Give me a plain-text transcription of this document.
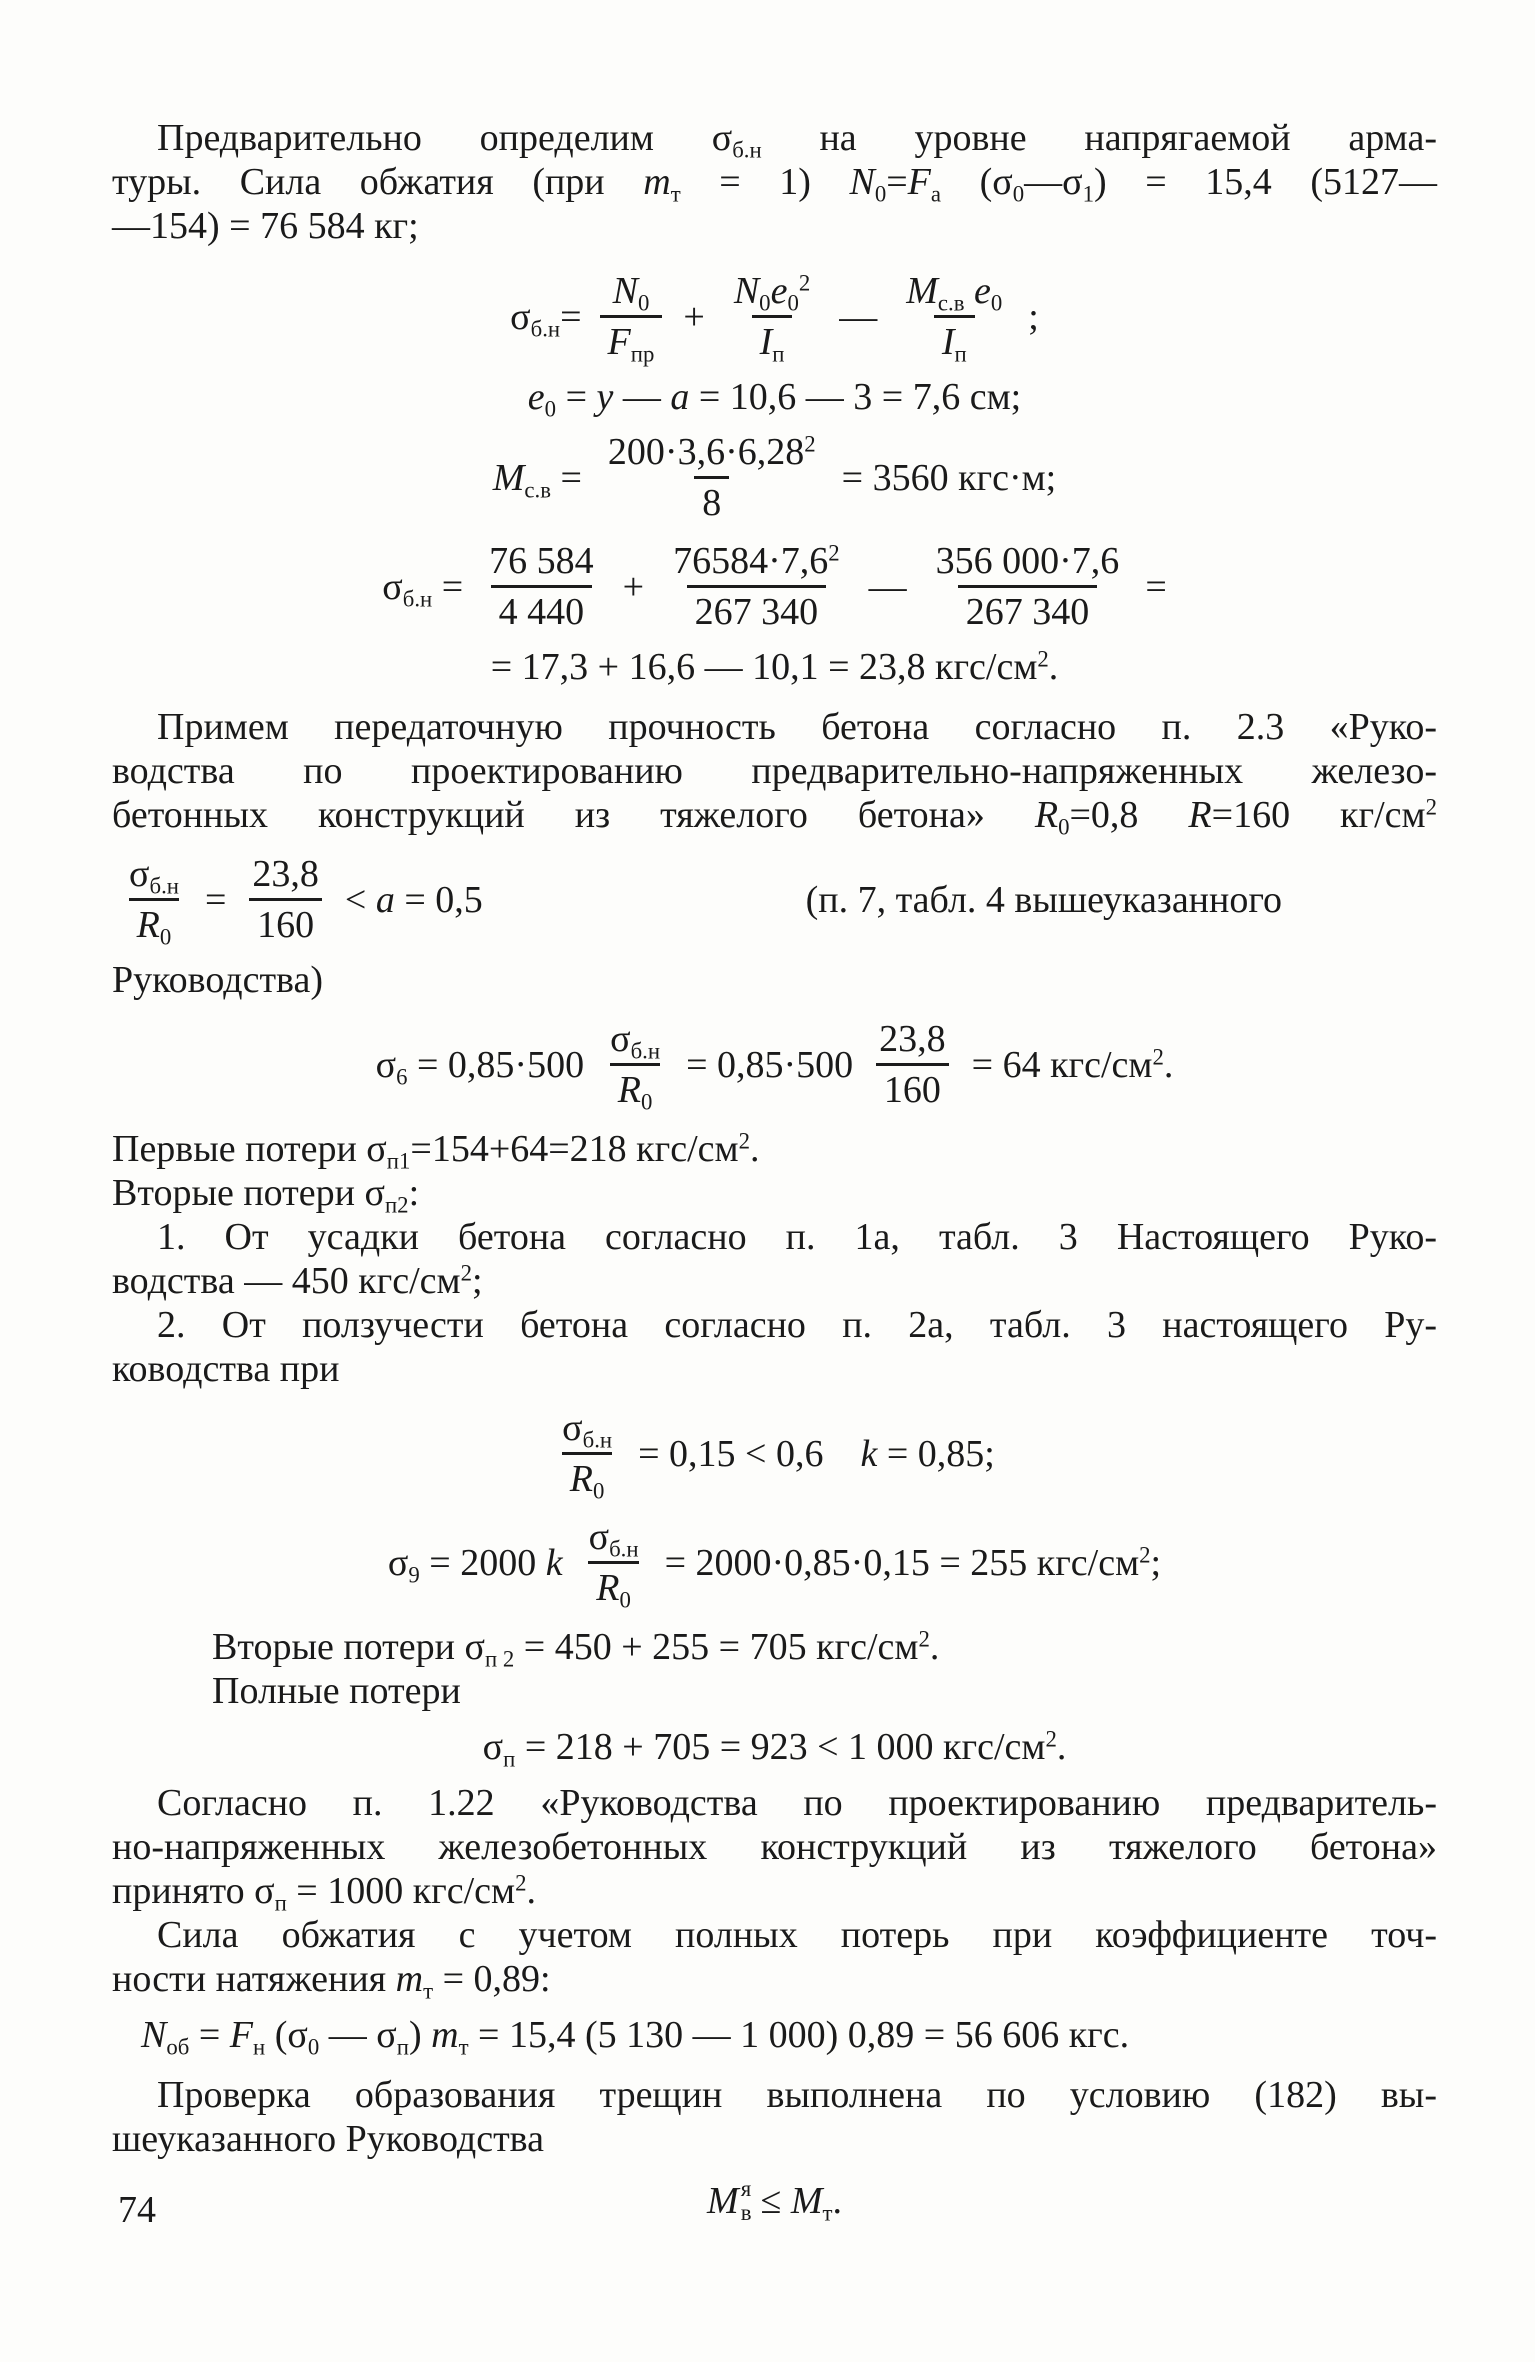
Предварительно определим $\sigma_{б.н}$ на уровне напрягаемой арма-
туры. Сила обжатия (при $m_т = 1$) $N_0=F_а$ $(\sigma_0—\sigma_1) = 15,4$ (5127—
—154) = 76 584 кг;
$\sigma_{б.н}= \frac{N_0}{F_{пр}} + \frac{N_0e_0^2}{I_п}$ — $\frac{M_{с.в} e_0}{I_п}$ ;
$e_0 = y$ — a = 10,6 — 3 = 7,6 см;
$M_{с.в} = \frac{200\cdot 3,6\cdot 6,28^2}{8} = 3560$ кгс·м;
$\sigma_{б.н} = \frac{76 584}{4 440} + \frac{76584\cdot 7,6^2}{267 340}$ — $\frac{356 000\cdot 7,6}{267 340}$ =
= 17,3 + 16,6 — 10,1 = 23,8 кгс/$см^2$.
Примем передаточную прочность бетона согласно п. 2.3 «Руко-
водства по проектированию предварительно-напряженных железо-
бетонных конструкций из тяжелого бетона» $R_0=0,8$ R=160 $кг/см^2$
$\frac{\sigma_{б.н}}{R_0} = \frac{23,8}{160} < a = 0,5$	(п. 7, табл. 4 вышеуказанного
Руководства)
$\sigma_6 = 0,85\cdot 500 \frac{\sigma_{б.н}}{R_0} = 0,85\cdot 500 \frac{23,8}{160} = 64$ кгс/$см^2$.
Первые потери $\sigma_{п1}=154+64=218$ кгс/$см^2$.
Вторые потери $\sigma_{п2}$:
1. От усадки бетона согласно п. 1а, табл. 3 Настоящего Руко-
водства — 450 кгс/$см^2$;
2. От ползучести бетона согласно п. 2а, табл. 3 настоящего Ру-
ководства при
$\frac{\sigma_{б.н}}{R_0} = 0,15 < 0,6$ k = 0,85;
$\sigma_9 = 2000$ k $\frac{\sigma_{б.н}}{R_0} = 2000\cdot 0,85\cdot 0,15 = 255$ кгс/$см^2$;
Вторые потери $\sigma_{п 2} = 450 + 255 = 705$ кгс/$см^2$.
Полные потери
$\sigma_п = 218 + 705 = 923 < 1$ 000 кгс/$см^2$.
Согласно п. 1.22 «Руководства по проектированию предваритель-
но-напряженных железобетонных конструкций из тяжелого бетона»
принято $\sigma_п = 1000$ кгс/$см^2$.
Сила обжатия с учетом полных потерь при коэффициенте точ-
ности натяжения $m_т = 0,89$:
$N_{об} = F_н$ ($\sigma_0$ — $\sigma_п$) $m_т = 15,4$ (5 130 — 1 000) 0,89 = 56 606 кгс.
Проверка образования трещин выполнена по условию (182) вы-
шеуказанного Руководства
M я
$в \le M_т$.
74
